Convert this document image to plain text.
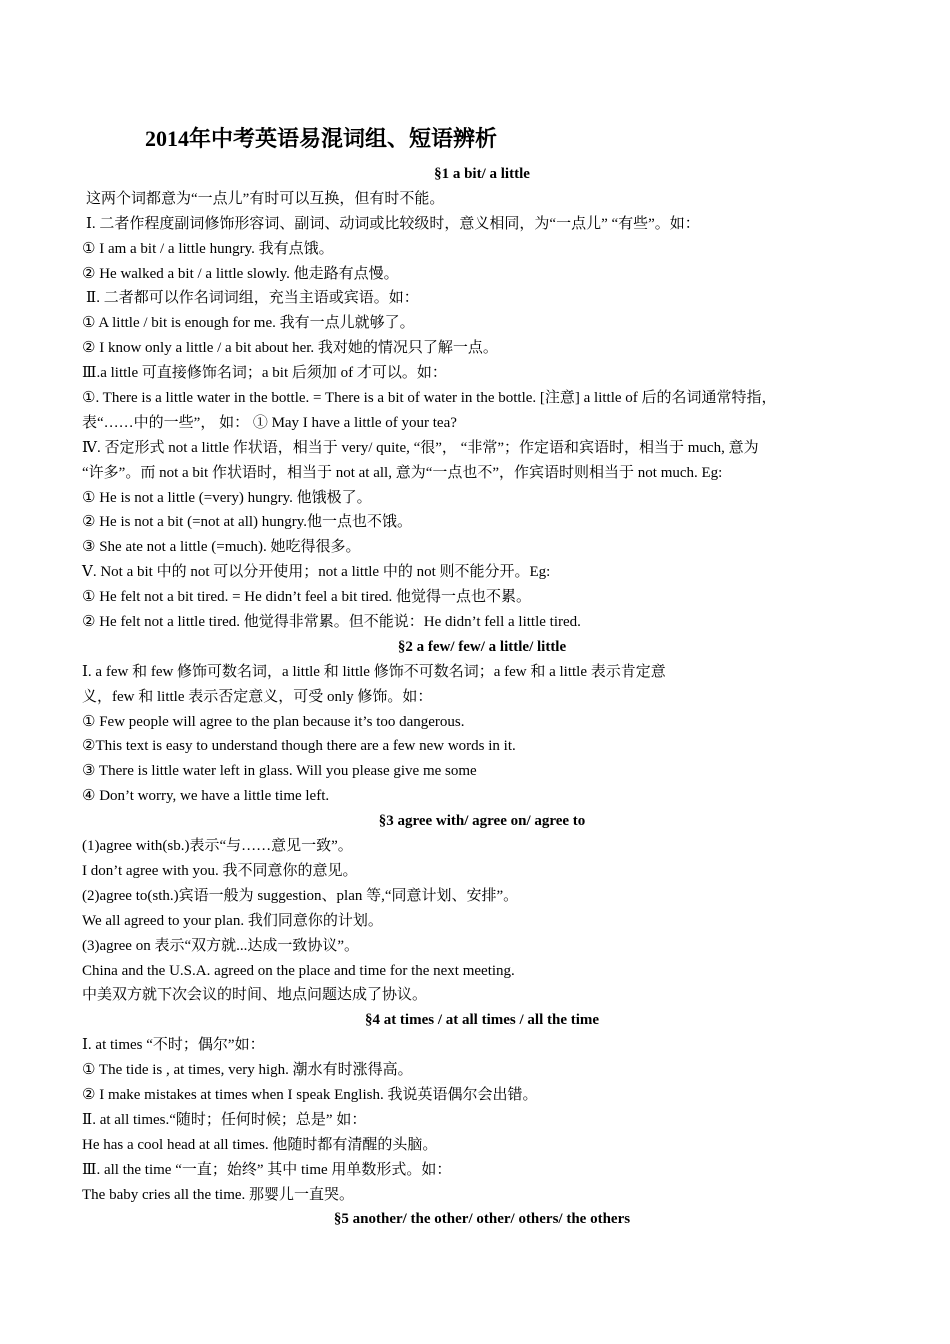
2014年中考英语易混词组、短语辨析
§1 a bit/ a little
这两个词都意为“一点儿”有时可以互换，但有时不能。
Ⅰ. 二者作程度副词修饰形容词、副词、动词或比较级时，意义相同，为“一点儿” “有些”。如：
① I am a bit / a little hungry. 我有点饿。
② He walked a bit / a little slowly. 他走路有点慢。
Ⅱ. 二者都可以作名词词组，充当主语或宾语。如：
① A little / bit is enough for me. 我有一点儿就够了。
② I know only a little / a bit about her. 我对她的情况只了解一点。
Ⅲ.a little 可直接修饰名词；a bit 后须加 of 才可以。如：
①. There is a little water in the bottle. = There is a bit of water in the bottle. [注意] a little of 后的名词通常特指，
表“……中的一些”， 如： ① May I have a little of your tea?
Ⅳ. 否定形式 not a little 作状语，相当于 very/ quite, “很”， “非常”；作定语和宾语时，相当于 much, 意为
“许多”。而 not a bit 作状语时，相当于 not at all, 意为“一点也不”，作宾语时则相当于 not much. Eg:
① He is not a little (=very) hungry. 他饿极了。
② He is not a bit (=not at all) hungry.他一点也不饿。
③ She ate not a little (=much). 她吃得很多。
Ⅴ. Not a bit 中的 not 可以分开使用；not a little 中的 not 则不能分开。Eg:
① He felt not a bit tired. = He didn’t feel a bit tired. 他觉得一点也不累。
② He felt not a little tired. 他觉得非常累。但不能说：He didn’t fell a little tired.
§2 a few/ few/ a little/ little
Ⅰ. a few 和 few 修饰可数名词，a little 和 little 修饰不可数名词；a few 和 a little 表示肯定意
义，few 和 little 表示否定意义，可受 only 修饰。如：
① Few people will agree to the plan because it’s too dangerous.
②This text is easy to understand though there are a few new words in it.
③ There is little water left in glass. Will you please give me some
④ Don’t worry, we have a little time left.
§3 agree with/ agree on/ agree to
(1)agree with(sb.)表示“与……意见一致”。
I don’t agree with you. 我不同意你的意见。
(2)agree to(sth.)宾语一般为 suggestion、plan 等,“同意计划、安排”。
We all agreed to your plan. 我们同意你的计划。
(3)agree on 表示“双方就...达成一致协议”。
China and the U.S.A. agreed on the place and time for the next meeting.
中美双方就下次会议的时间、地点问题达成了协议。
§4 at times / at all times / all the time
Ⅰ. at times “不时；偶尔”如：
① The tide is , at times, very high. 潮水有时涨得高。
② I make mistakes at times when I speak English. 我说英语偶尔会出错。
Ⅱ. at all times.“随时；任何时候；总是” 如：
He has a cool head at all times. 他随时都有清醒的头脑。
Ⅲ. all the time “一直；始终” 其中 time 用单数形式。如：
The baby cries all the time. 那婴儿一直哭。
§5 another/ the other/ other/ others/ the others
